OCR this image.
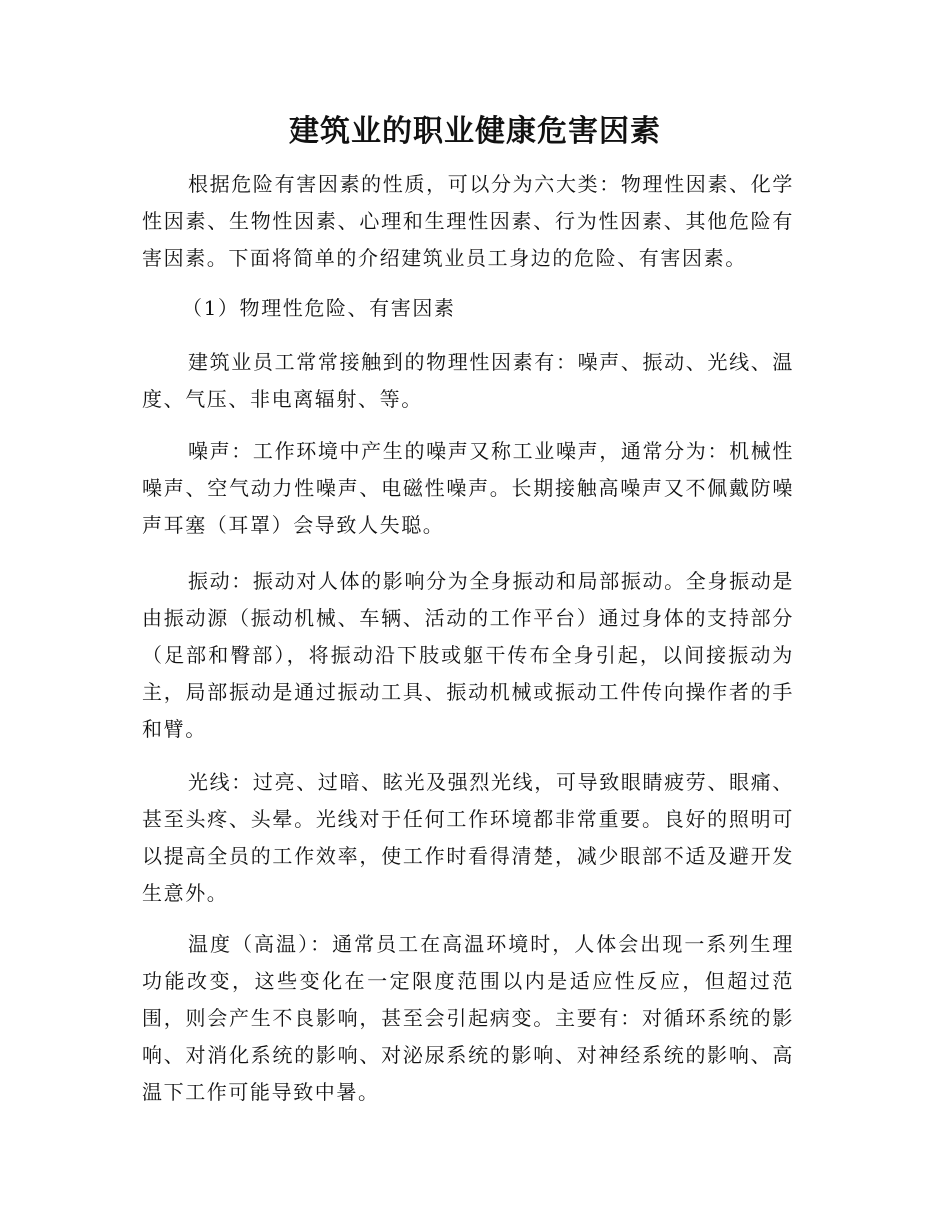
建筑业的职业健康危害因素

根据危险有害因素的性质，可以分为六大类：物理性因素、化学性因素、生物性因素、心理和生理性因素、行为性因素、其他危险有害因素。下面将简单的介绍建筑业员工身边的危险、有害因素。

（1）物理性危险、有害因素

建筑业员工常常接触到的物理性因素有：噪声、振动、光线、温度、气压、非电离辐射、等。

噪声：工作环境中产生的噪声又称工业噪声，通常分为：机械性噪声、空气动力性噪声、电磁性噪声。长期接触高噪声又不佩戴防噪声耳塞（耳罩）会导致人失聪。

振动：振动对人体的影响分为全身振动和局部振动。全身振动是由振动源（振动机械、车辆、活动的工作平台）通过身体的支持部分（足部和臀部），将振动沿下肢或躯干传布全身引起，以间接振动为主，局部振动是通过振动工具、振动机械或振动工件传向操作者的手和臂。

光线：过亮、过暗、眩光及强烈光线，可导致眼睛疲劳、眼痛、甚至头疼、头晕。光线对于任何工作环境都非常重要。良好的照明可以提高全员的工作效率，使工作时看得清楚，减少眼部不适及避开发生意外。

温度（高温）：通常员工在高温环境时，人体会出现一系列生理功能改变，这些变化在一定限度范围以内是适应性反应，但超过范围，则会产生不良影响，甚至会引起病变。主要有：对循环系统的影响、对消化系统的影响、对泌尿系统的影响、对神经系统的影响、高温下工作可能导致中暑。
